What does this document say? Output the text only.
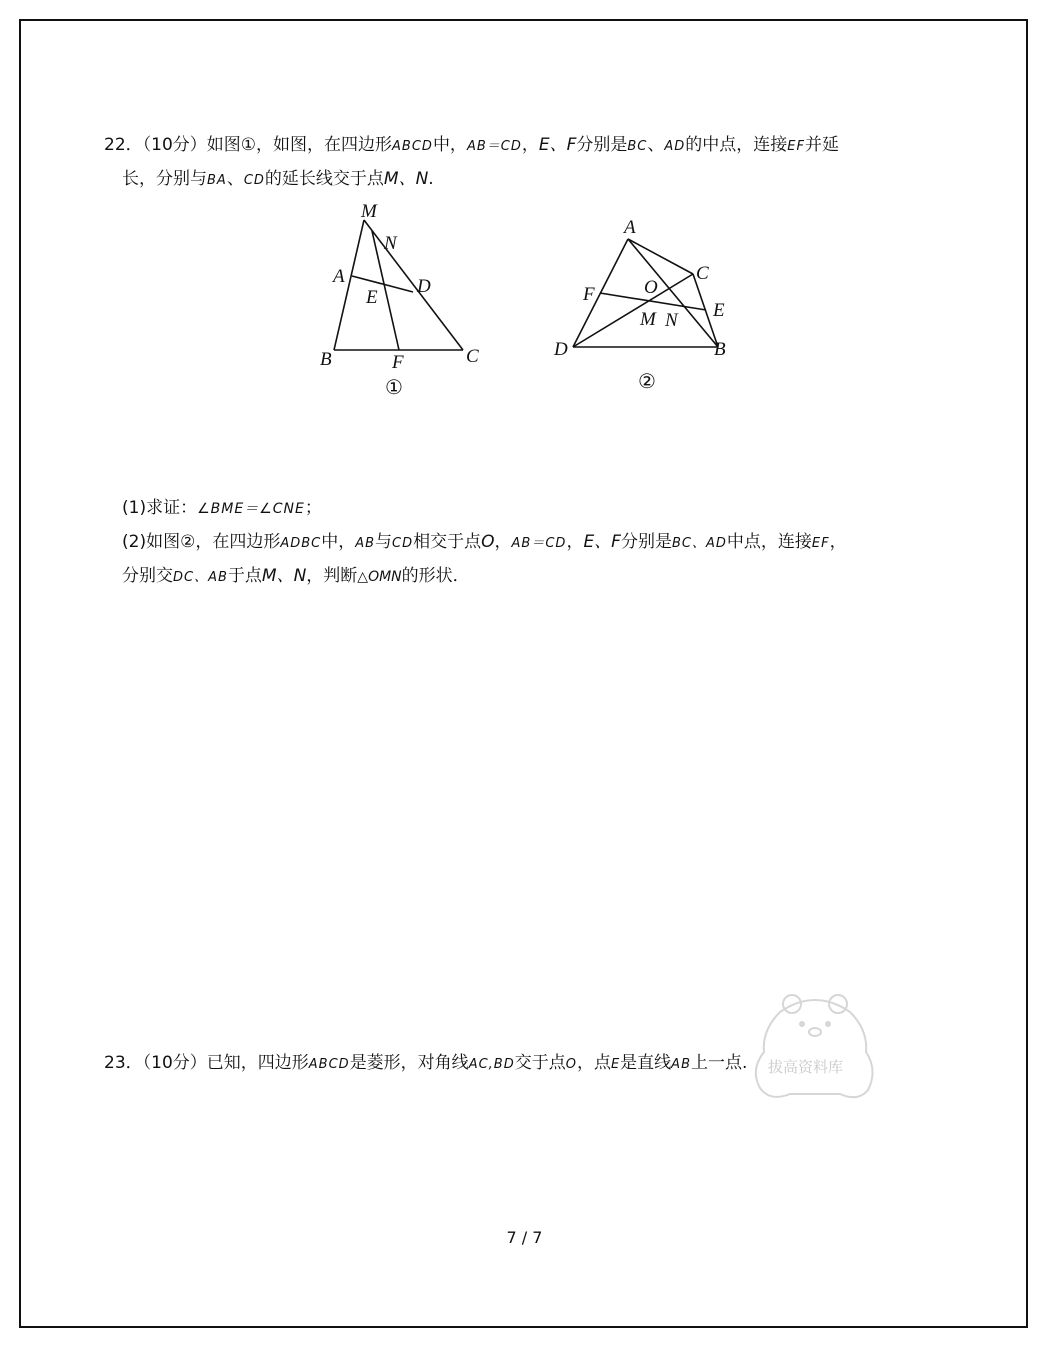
22．（10分）如图①，如图，在四边形ABCD中，AB＝CD，E、F分别是BC、AD的中点，连接EF并延
长，分别与BA、CD的延长线交于点M、N.
M
N
A
E
D
B	F	C
①
A
C
F	O
E
M N
D	B
②
(1)求证：∠BME＝∠CNE；
(2)如图②，在四边形ADBC中，AB与CD相交于点O，AB＝CD，E、F分别是BC、AD中点，连接EF，
分别交DC、AB于点M、N，判断△OMN的形状．
拔高资料库
23．（10分）已知，四边形ABCD是菱形，对角线AC,BD交于点O，点E是直线AB上一点.
7 / 7
